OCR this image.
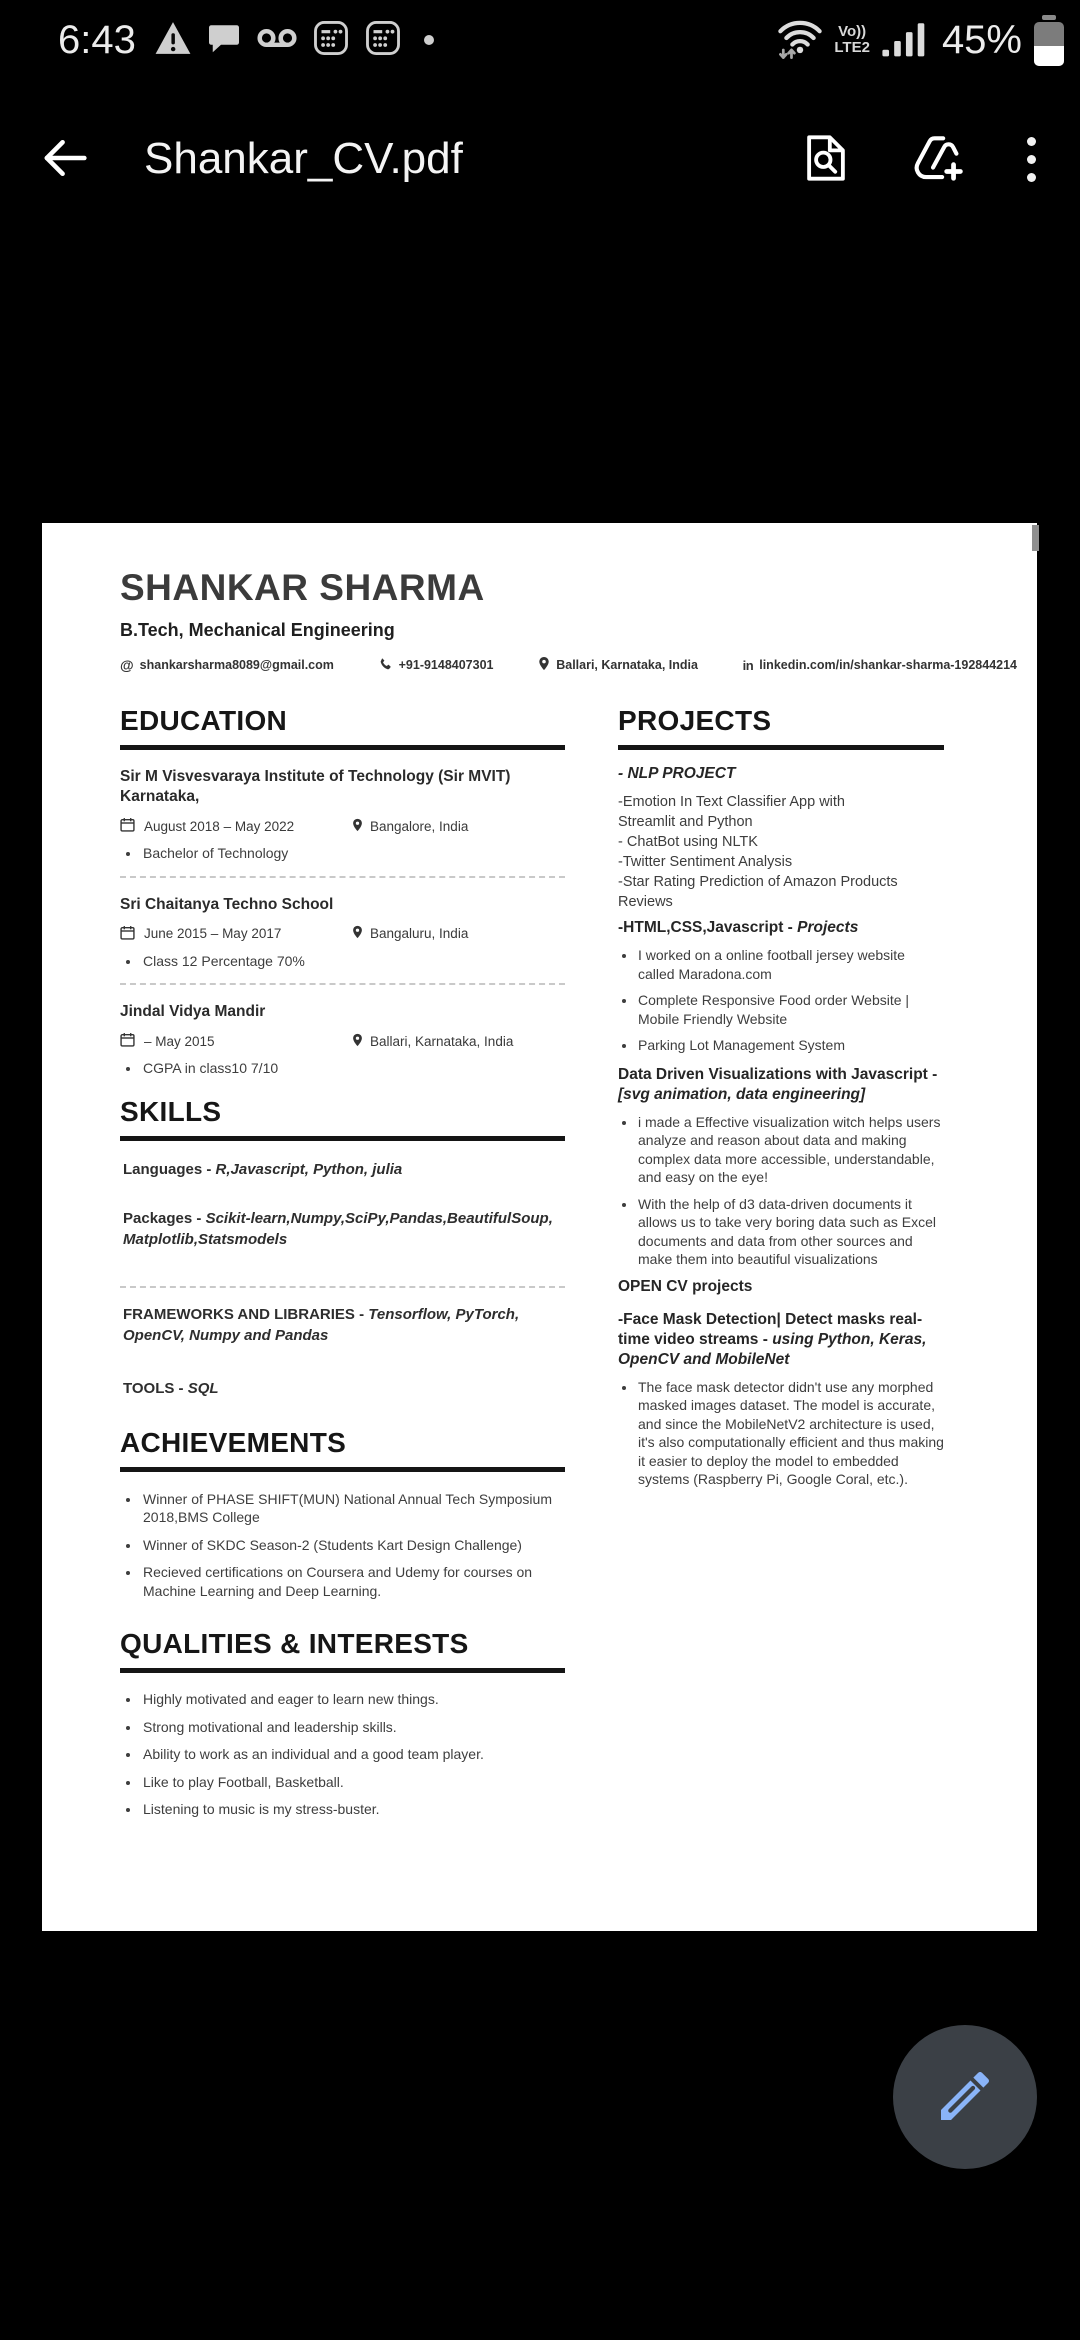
6:43	Vo))
LTE2 45%
Shankar_CV.pdf
SHANKAR SHARMA
B.Tech, Mechanical Engineering
@ shankarsharma8089@gmail.com	+91-9148407301	Ballari, Karnataka, India	in linkedin.com/in/shankar-sharma-192844214
EDUCATION
Sir M Visvesvaraya Institute of Technology (Sir MVIT) Karnataka,
August 2018 – May 2022	Bangalore, India
• Bachelor of Technology
Sri Chaitanya Techno School
June 2015 – May 2017	Bangaluru, India
• Class 12 Percentage 70%
Jindal Vidya Mandir
– May 2015	Ballari, Karnataka, India
• CGPA in class10 7/10
SKILLS
Languages - R,Javascript, Python, julia
Packages - Scikit-learn,Numpy,SciPy,Pandas,BeautifulSoup, Matplotlib,Statsmodels
FRAMEWORKS AND LIBRARIES - Tensorflow, PyTorch, OpenCV, Numpy and Pandas
TOOLS - SQL
ACHIEVEMENTS
• Winner of PHASE SHIFT(MUN) National Annual Tech Symposium 2018,BMS College
• Winner of SKDC Season-2 (Students Kart Design Challenge)
• Recieved certifications on Coursera and Udemy for courses on Machine Learning and Deep Learning.
QUALITIES & INTERESTS
• Highly motivated and eager to learn new things.
• Strong motivational and leadership skills.
• Ability to work as an individual and a good team player.
• Like to play Football, Basketball.
• Listening to music is my stress-buster.
PROJECTS
- NLP PROJECT
-Emotion In Text Classifier App with
Streamlit and Python
- ChatBot using NLTK
-Twitter Sentiment Analysis
-Star Rating Prediction of Amazon Products
Reviews
-HTML,CSS,Javascript - Projects
• I worked on a online football jersey website called Maradona.com
• Complete Responsive Food order Website | Mobile Friendly Website
• Parking Lot Management System
Data Driven Visualizations with Javascript -
[svg animation, data engineering]
• i made a Effective visualization witch helps users analyze and reason about data and making complex data more accessible, understandable, and easy on the eye!
• With the help of d3 data-driven documents it allows us to take very boring data such as Excel documents and data from other sources and make them into beautiful visualizations
OPEN CV projects
-Face Mask Detection| Detect masks real-
time video streams - using Python, Keras,
OpenCV and MobileNet
• The face mask detector didn't use any morphed masked images dataset. The model is accurate, and since the MobileNetV2 architecture is used, it's also computationally efficient and thus making it easier to deploy the model to embedded systems (Raspberry Pi, Google Coral, etc.).
